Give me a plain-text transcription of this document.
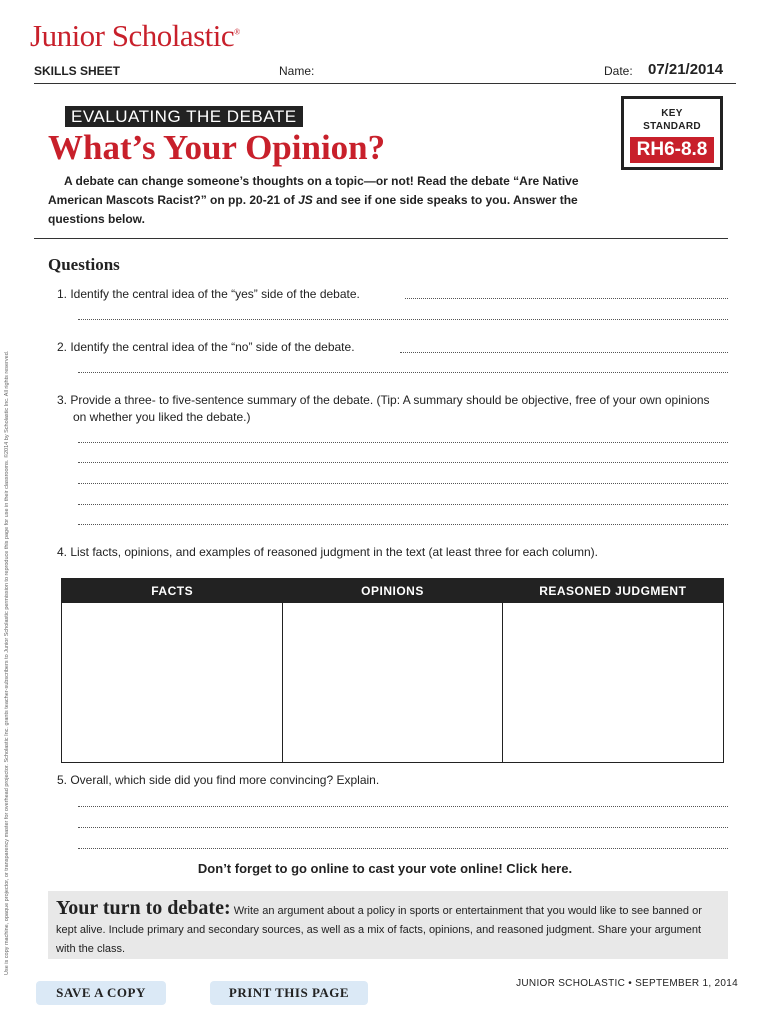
Junior Scholastic®
SKILLS SHEET	Name:	Date: 07/21/2014
Use is copy machine, opaque projector, or transparency master for overhead projector. Scholastic Inc. grants teacher-subscribers to Junior Scholastic permission to reproduce this page for use in their classrooms. ©2014 by Scholastic Inc. All rights reserved.
EVALUATING THE DEBATE
What’s Your Opinion?
KEY
STANDARD
RH6-8.8
A debate can change someone’s thoughts on a topic—or not! Read the debate “Are Native American Mascots Racist?” on pp. 20-21 of JS and see if one side speaks to you. Answer the questions below.
Questions
1. Identify the central idea of the “yes” side of the debate.
2. Identify the central idea of the “no” side of the debate.
3. Provide a three- to five-sentence summary of the debate. (Tip: A summary should be objective, free of your own opinions on whether you liked the debate.)
4. List facts, opinions, and examples of reasoned judgment in the text (at least three for each column).
FACTS	OPINIONS	REASONED JUDGMENT
5. Overall, which side did you find more convincing? Explain.
Don’t forget to go online to cast your vote online! Click here.
Your turn to debate: Write an argument about a policy in sports or entertainment that you would like to see banned or kept alive. Include primary and secondary sources, as well as a mix of facts, opinions, and reasoned judgment. Share your argument with the class.
JUNIOR SCHOLASTIC • SEPTEMBER 1, 2014
SAVE A COPY	PRINT THIS PAGE
